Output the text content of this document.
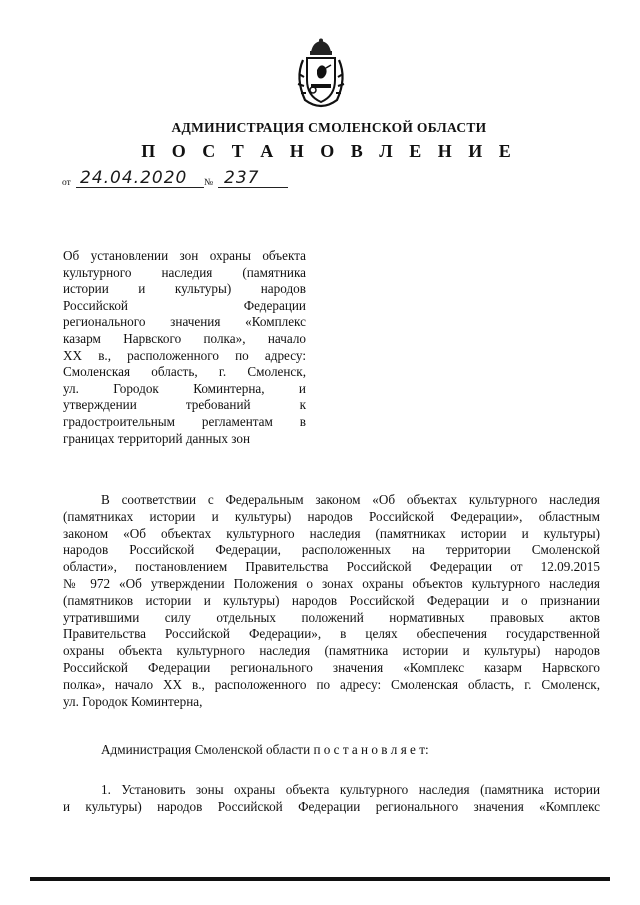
АДМИНИСТРАЦИЯ СМОЛЕНСКОЙ ОБЛАСТИ
П О С Т А Н О В Л Е Н И Е
от 24.04.2020 № 237
Об установлении зон охраны объекта
культурного наследия (памятника
истории и культуры) народов
Российской Федерации
регионального значения «Комплекс
казарм Нарвского полка», начало
XX в., расположенного по адресу:
Смоленская область, г. Смоленск,
ул. Городок Коминтерна, и
утверждении требований к
градостроительным регламентам в
границах территорий данных зон
В соответствии с Федеральным законом «Об объектах культурного наследия
(памятниках истории и культуры) народов Российской Федерации», областным
законом «Об объектах культурного наследия (памятниках истории и культуры)
народов Российской Федерации, расположенных на территории Смоленской
области», постановлением Правительства Российской Федерации от 12.09.2015
№ 972 «Об утверждении Положения о зонах охраны объектов культурного наследия
(памятников истории и культуры) народов Российской Федерации и о признании
утратившими силу отдельных положений нормативных правовых актов
Правительства Российской Федерации», в целях обеспечения государственной
охраны объекта культурного наследия (памятника истории и культуры) народов
Российской Федерации регионального значения «Комплекс казарм Нарвского
полка», начало XX в., расположенного по адресу: Смоленская область, г. Смоленск,
ул. Городок Коминтерна,
Администрация Смоленской области п о с т а н о в л я е т:
1. Установить зоны охраны объекта культурного наследия (памятника истории
и культуры) народов Российской Федерации регионального значения «Комплекс
